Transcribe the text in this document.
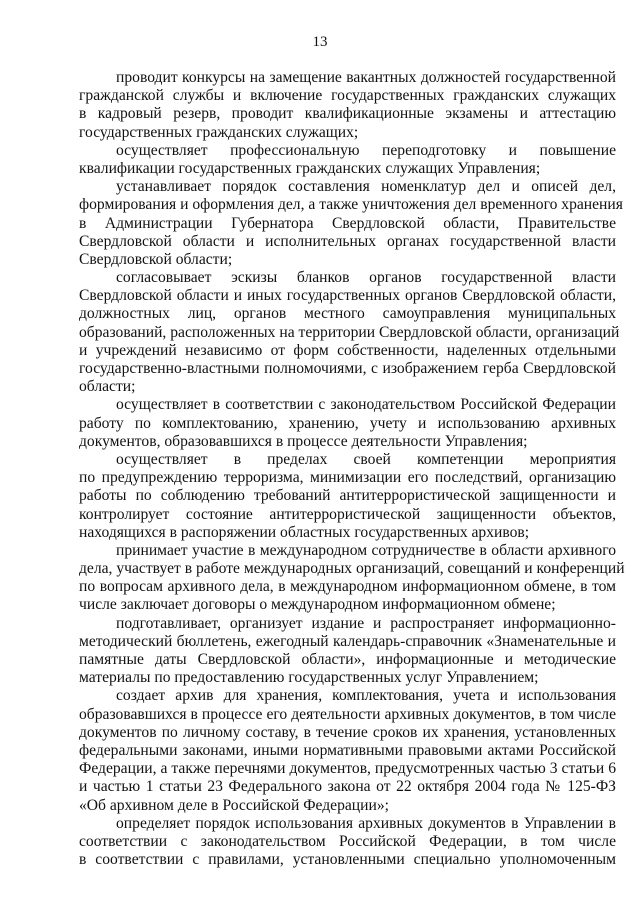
13
проводит конкурсы на замещение вакантных должностей государственной
гражданской службы и включение государственных гражданских служащих
в кадровый резерв, проводит квалификационные экзамены и аттестацию
государственных гражданских служащих;
осуществляет профессиональную переподготовку и повышение
квалификации государственных гражданских служащих Управления;
устанавливает порядок составления номенклатур дел и описей дел,
формирования и оформления дел, а также уничтожения дел временного хранения
в Администрации Губернатора Свердловской области, Правительстве
Свердловской области и исполнительных органах государственной власти
Свердловской области;
согласовывает эскизы бланков органов государственной власти
Свердловской области и иных государственных органов Свердловской области,
должностных лиц, органов местного самоуправления муниципальных
образований, расположенных на территории Свердловской области, организаций
и учреждений независимо от форм собственности, наделенных отдельными
государственно-властными полномочиями, с изображением герба Свердловской
области;
осуществляет в соответствии с законодательством Российской Федерации
работу по комплектованию, хранению, учету и использованию архивных
документов, образовавшихся в процессе деятельности Управления;
осуществляет в пределах своей компетенции мероприятия
по предупреждению терроризма, минимизации его последствий, организацию
работы по соблюдению требований антитеррористической защищенности и
контролирует состояние антитеррористической защищенности объектов,
находящихся в распоряжении областных государственных архивов;
принимает участие в международном сотрудничестве в области архивного
дела, участвует в работе международных организаций, совещаний и конференций
по вопросам архивного дела, в международном информационном обмене, в том
числе заключает договоры о международном информационном обмене;
подготавливает, организует издание и распространяет информационно-
методический бюллетень, ежегодный календарь-справочник «Знаменательные и
памятные даты Свердловской области», информационные и методические
материалы по предоставлению государственных услуг Управлением;
создает архив для хранения, комплектования, учета и использования
образовавшихся в процессе его деятельности архивных документов, в том числе
документов по личному составу, в течение сроков их хранения, установленных
федеральными законами, иными нормативными правовыми актами Российской
Федерации, а также перечнями документов, предусмотренных частью 3 статьи 6
и частью 1 статьи 23 Федерального закона от 22 октября 2004 года № 125-ФЗ
«Об архивном деле в Российской Федерации»;
определяет порядок использования архивных документов в Управлении в
соответствии с законодательством Российской Федерации, в том числе
в соответствии с правилами, установленными специально уполномоченным
